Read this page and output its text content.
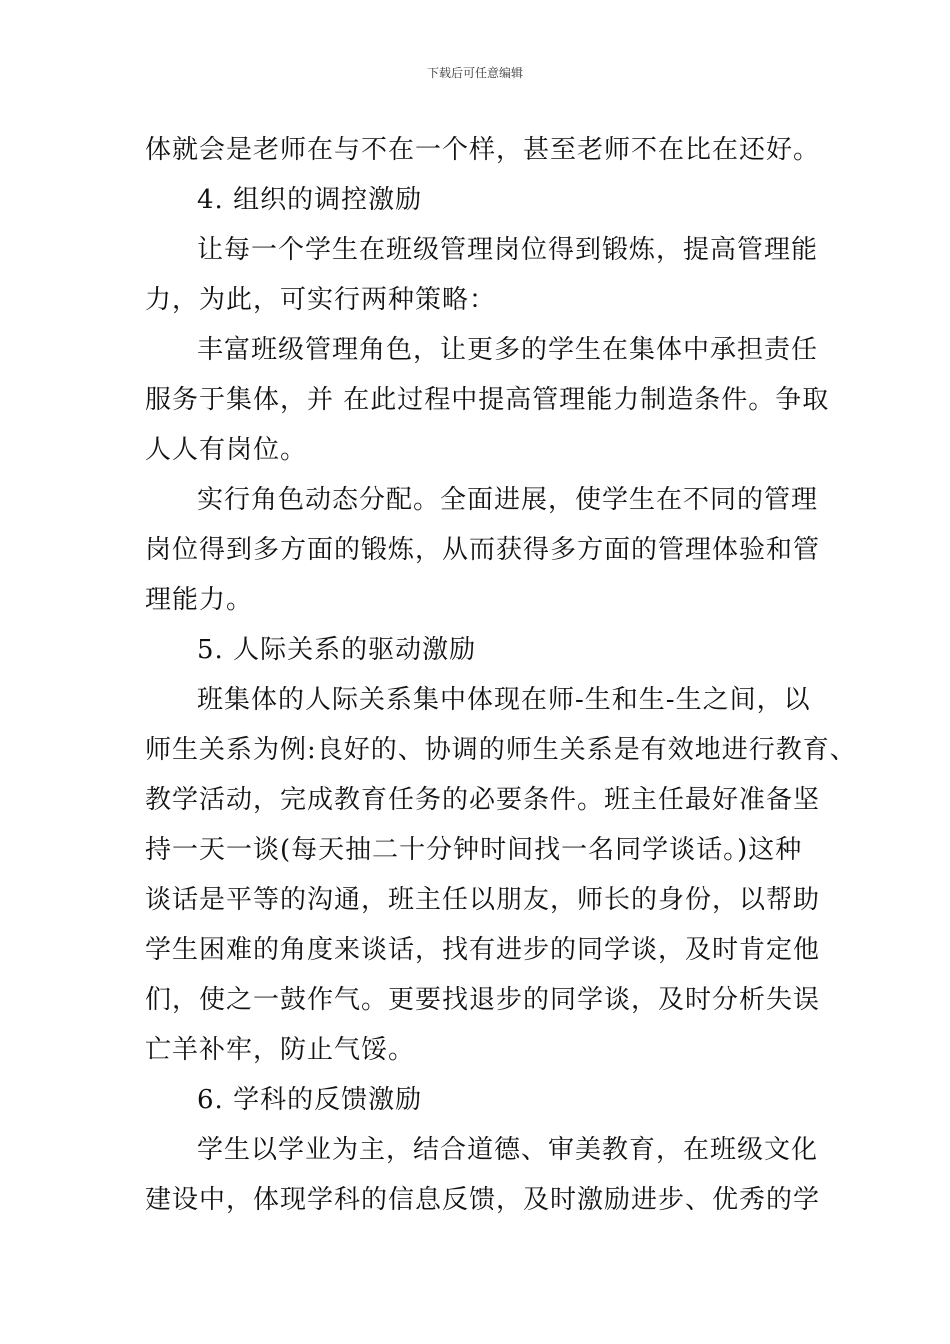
下载后可任意编辑
体就会是老师在与不在一个样，甚至老师不在比在还好。
4. 组织的调控激励
让每一个学生在班级管理岗位得到锻炼，提高管理能
力，为此，可实行两种策略：
丰富班级管理角色，让更多的学生在集体中承担责任
服务于集体，并 在此过程中提高管理能力制造条件。争取
人人有岗位。
实行角色动态分配。全面进展，使学生在不同的管理
岗位得到多方面的锻炼，从而获得多方面的管理体验和管
理能力。
5. 人际关系的驱动激励
班集体的人际关系集中体现在师-生和生-生之间，以
师生关系为例:良好的、协调的师生关系是有效地进行教育、
教学活动，完成教育任务的必要条件。班主任最好准备坚
持一天一谈(每天抽二十分钟时间找一名同学谈话。)这种
谈话是平等的沟通，班主任以朋友，师长的身份，以帮助
学生困难的角度来谈话，找有进步的同学谈，及时肯定他
们，使之一鼓作气。更要找退步的同学谈，及时分析失误
亡羊补牢，防止气馁。
6. 学科的反馈激励
学生以学业为主，结合道德、审美教育，在班级文化
建设中，体现学科的信息反馈，及时激励进步、优秀的学
